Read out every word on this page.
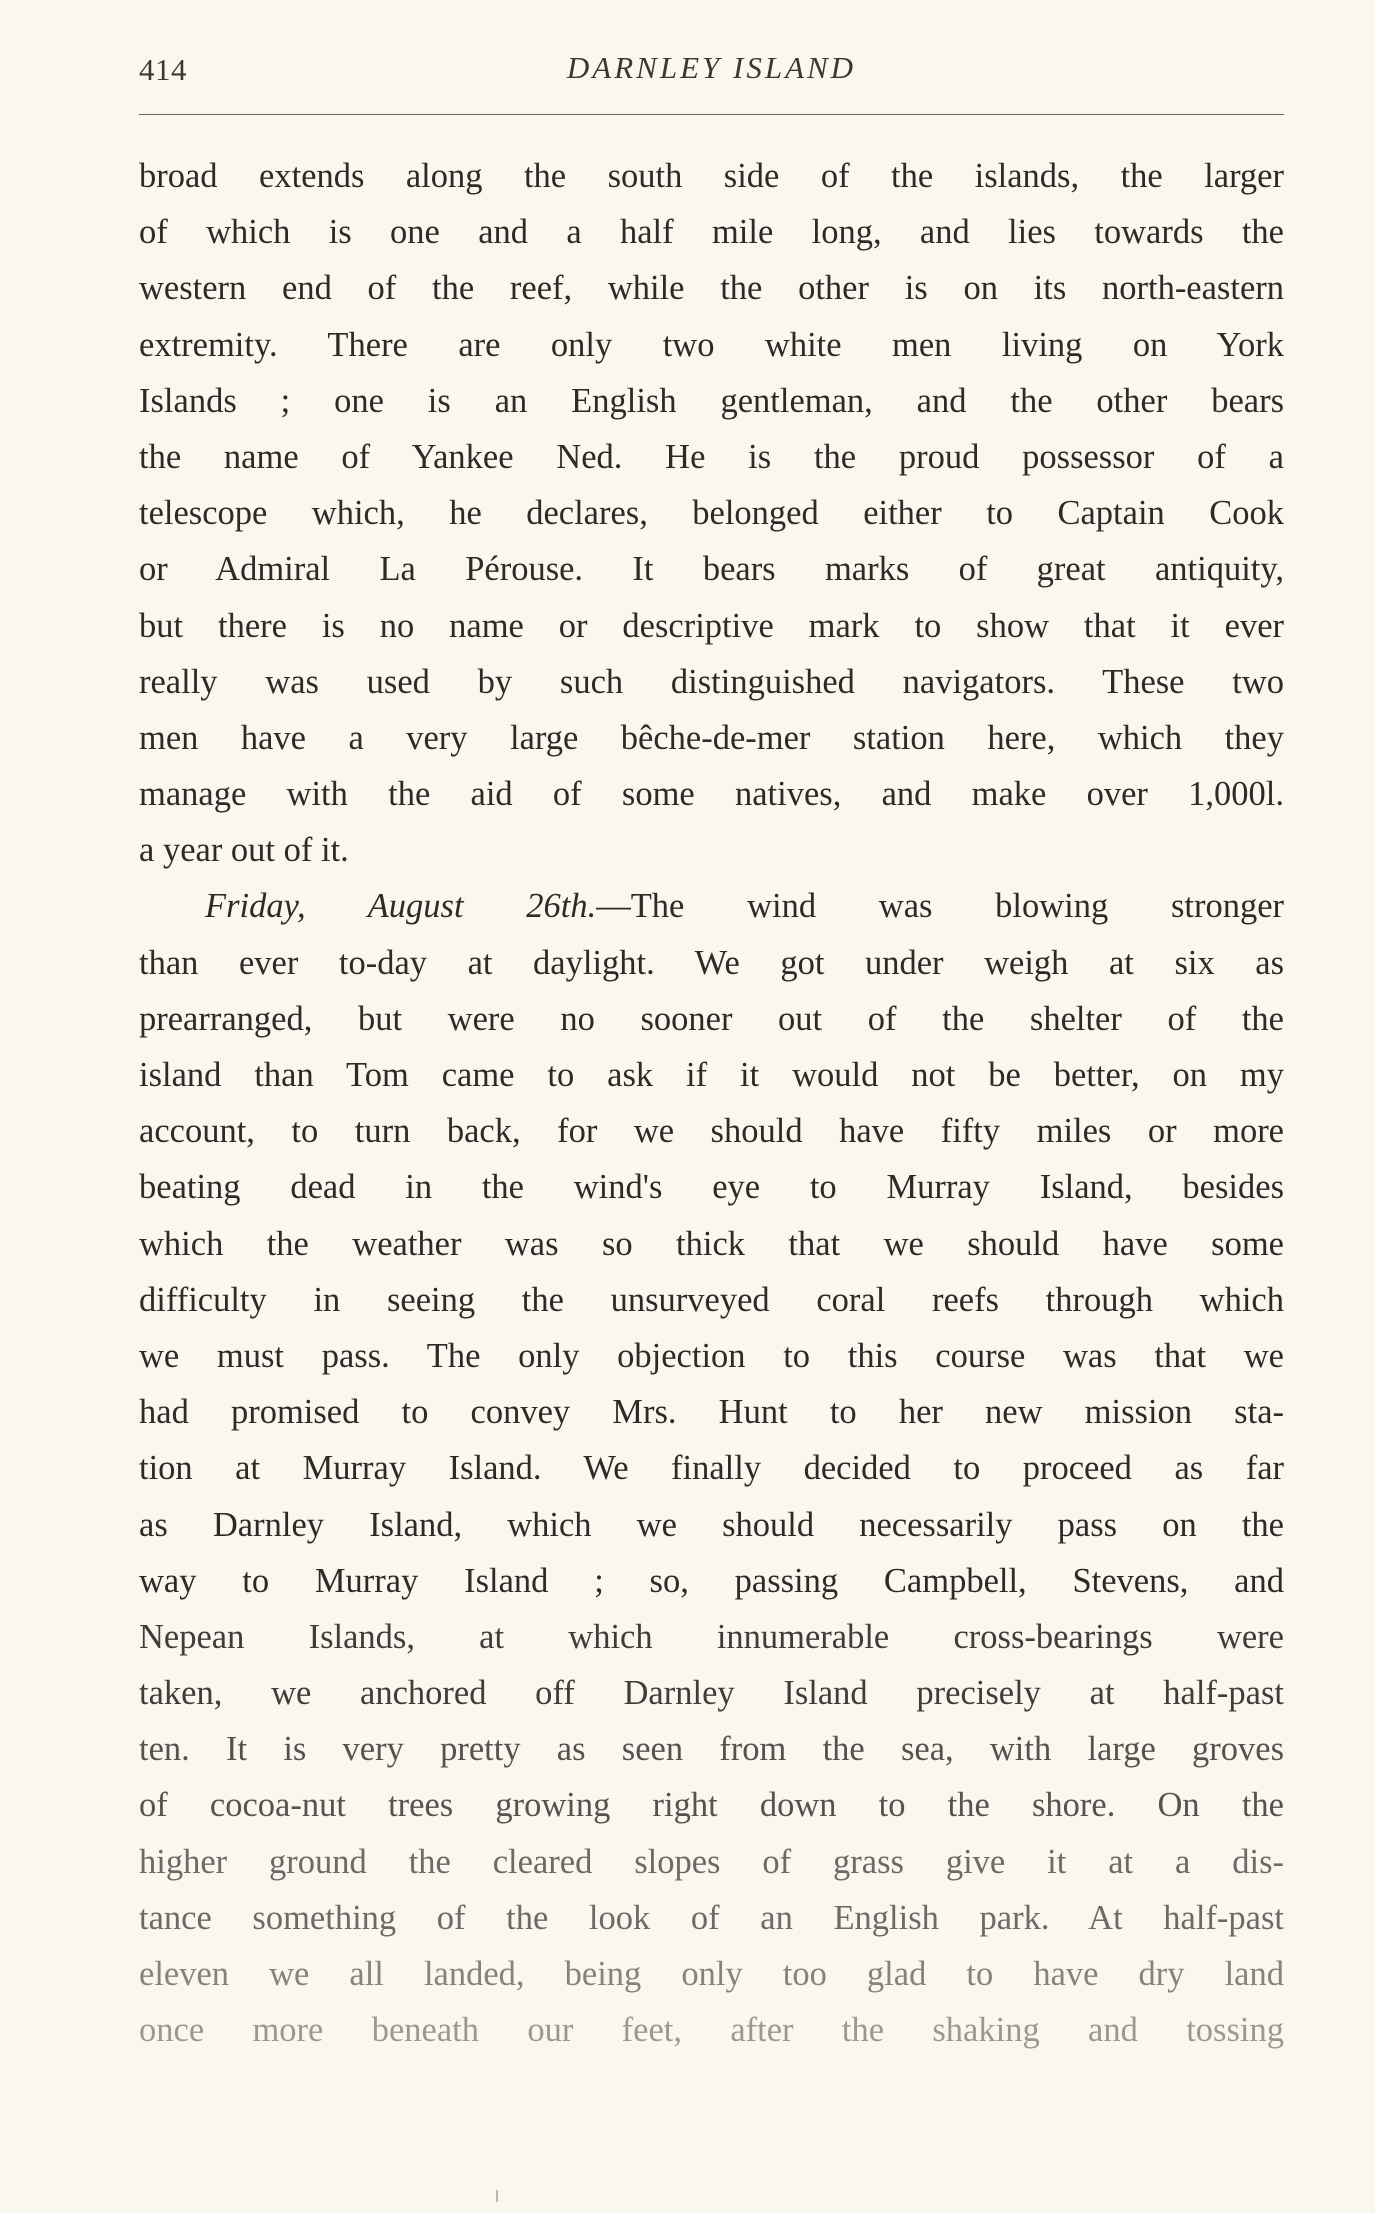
414	DARNLEY ISLAND
broad extends along the south side of the islands, the larger
of which is one and a half mile long, and lies towards the
western end of the reef, while the other is on its north-eastern
extremity. There are only two white men living on York
Islands ; one is an English gentleman, and the other bears
the name of Yankee Ned. He is the proud possessor of a
telescope which, he declares, belonged either to Captain Cook
or Admiral La Pérouse. It bears marks of great antiquity,
but there is no name or descriptive mark to show that it ever
really was used by such distinguished navigators. These two
men have a very large bêche-de-mer station here, which they
manage with the aid of some natives, and make over 1,000l.
a year out of it.
Friday, August 26th.—The wind was blowing stronger
than ever to-day at daylight. We got under weigh at six as
prearranged, but were no sooner out of the shelter of the
island than Tom came to ask if it would not be better, on my
account, to turn back, for we should have fifty miles or more
beating dead in the wind's eye to Murray Island, besides
which the weather was so thick that we should have some
difficulty in seeing the unsurveyed coral reefs through which
we must pass. The only objection to this course was that we
had promised to convey Mrs. Hunt to her new mission sta-
tion at Murray Island. We finally decided to proceed as far
as Darnley Island, which we should necessarily pass on the
way to Murray Island ; so, passing Campbell, Stevens, and
Nepean Islands, at which innumerable cross-bearings were
taken, we anchored off Darnley Island precisely at half-past
ten. It is very pretty as seen from the sea, with large groves
of cocoa-nut trees growing right down to the shore. On the
higher ground the cleared slopes of grass give it at a dis-
tance something of the look of an English park. At half-past
eleven we all landed, being only too glad to have dry land
once more beneath our feet, after the shaking and tossing
